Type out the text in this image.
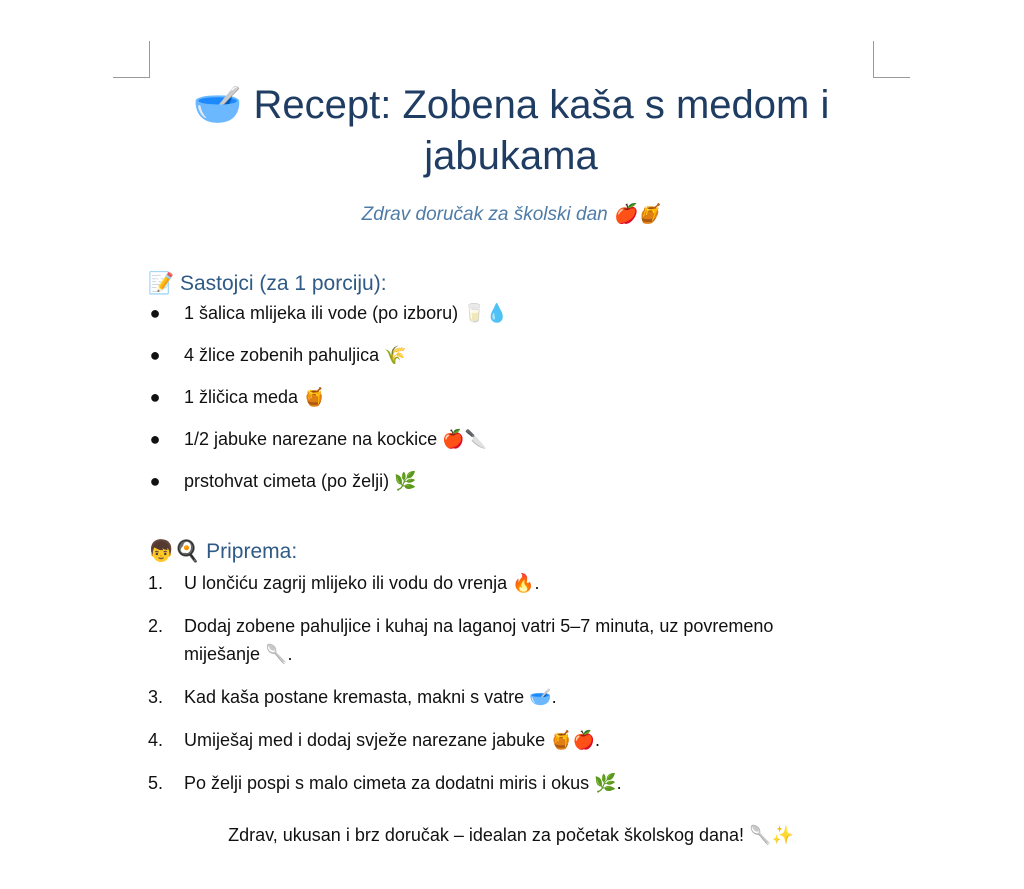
🥣 Recept: Zobena kaša s medom i jabukama

Zdrav doručak za školski dan 🍎🍯

📝 Sastojci (za 1 porciju):
● 1 šalica mlijeka ili vode (po izboru) 🥛💧
● 4 žlice zobenih pahuljica 🌾
● 1 žličica meda 🍯
● 1/2 jabuke narezane na kockice 🍎🔪
● prstohvat cimeta (po želji) 🌿
👦🍳 Priprema:
1. U lončiću zagrij mlijeko ili vodu do vrenja 🔥.
2. Dodaj zobene pahuljice i kuhaj na laganoj vatri 5–7 minuta, uz povremeno miješanje 🥄.
3. Kad kaša postane kremasta, makni s vatre 🥣.
4. Umiješaj med i dodaj svježe narezane jabuke 🍯🍎.
5. Po želji pospi s malo cimeta za dodatni miris i okus 🌿.

Zdrav, ukusan i brz doručak – idealan za početak školskog dana! 🥄✨
